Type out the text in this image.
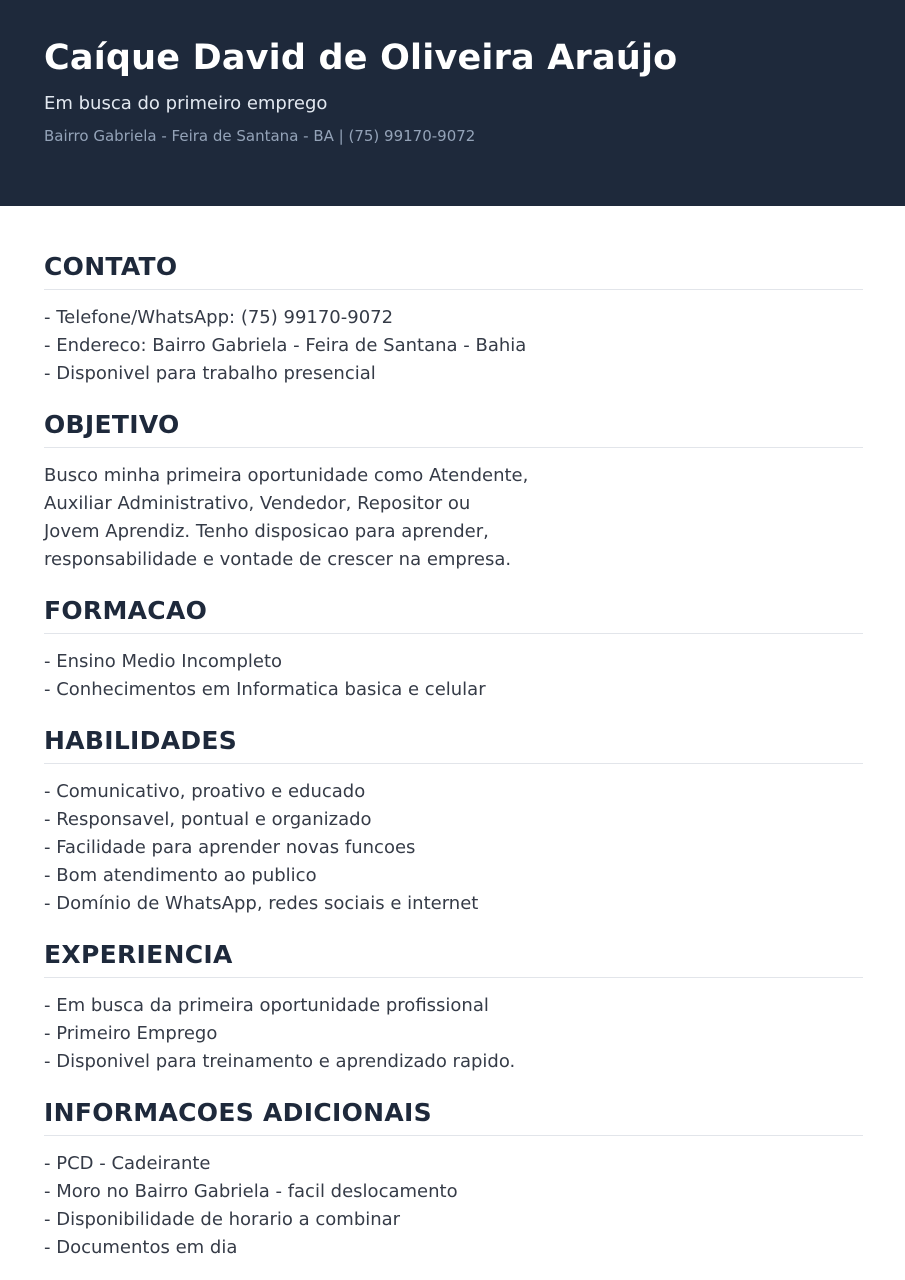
Caíque David de Oliveira Araújo
Em busca do primeiro emprego
Bairro Gabriela - Feira de Santana - BA | (75) 99170-9072
CONTATO

- Telefone/WhatsApp: (75) 99170-9072

- Endereco: Bairro Gabriela - Feira de Santana - Bahia

- Disponivel para trabalho presencial

OBJETIVO

Busco minha primeira oportunidade como Atendente,

Auxiliar Administrativo, Vendedor, Repositor ou

Jovem Aprendiz. Tenho disposicao para aprender,

responsabilidade e vontade de crescer na empresa.

FORMACAO

- Ensino Medio Incompleto

- Conhecimentos em Informatica basica e celular

HABILIDADES

- Comunicativo, proativo e educado

- Responsavel, pontual e organizado

- Facilidade para aprender novas funcoes

- Bom atendimento ao publico

- Domínio de WhatsApp, redes sociais e internet

EXPERIENCIA

- Em busca da primeira oportunidade profissional

- Primeiro Emprego

- Disponivel para treinamento e aprendizado rapido.

INFORMACOES ADICIONAIS

- PCD - Cadeirante

- Moro no Bairro Gabriela - facil deslocamento

- Disponibilidade de horario a combinar

- Documentos em dia
